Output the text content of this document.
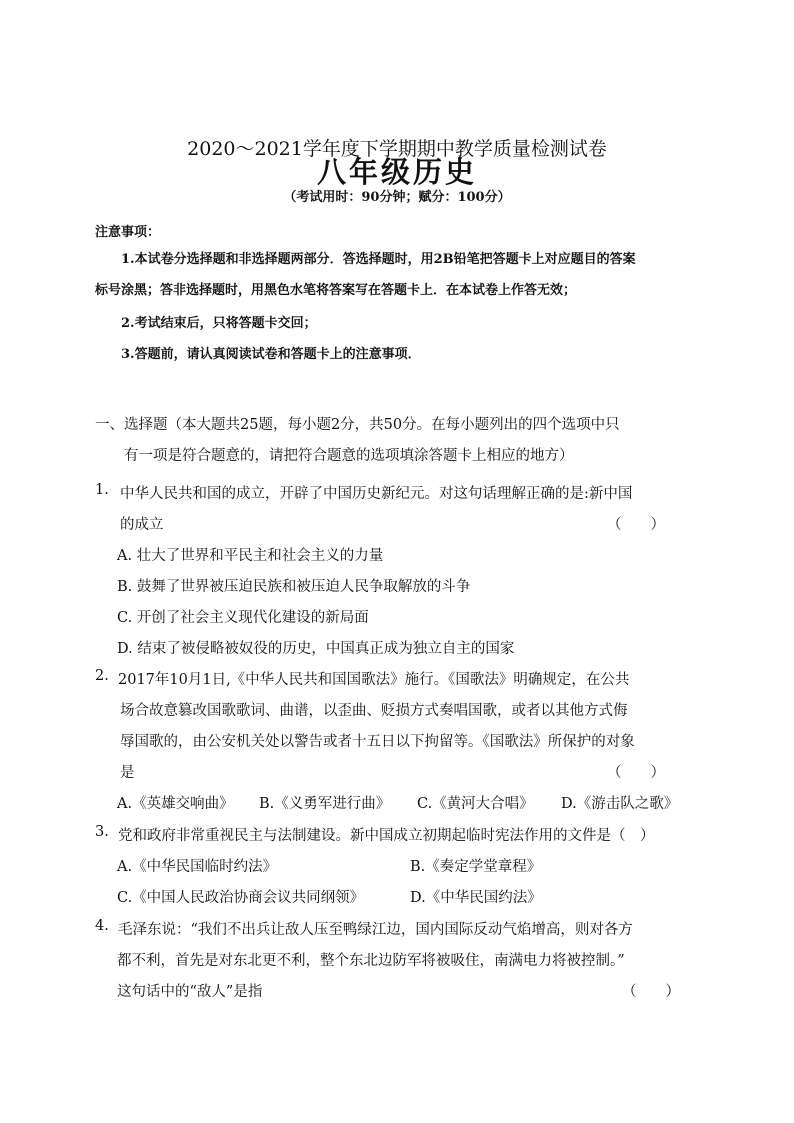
2020～2021学年度下学期期中教学质量检测试卷
八年级历史
（考试用时：90分钟；赋分：100分）
注意事项：
1.本试卷分选择题和非选择题两部分．答选择题时，用2B铅笔把答题卡上对应题目的答案
标号涂黑；答非选择题时，用黑色水笔将答案写在答题卡上．在本试卷上作答无效；
2.考试结束后，只将答题卡交回；
3.答题前，请认真阅读试卷和答题卡上的注意事项．
一、选择题（本大题共25题，每小题2分，共50分。在每小题列出的四个选项中只
有一项是符合题意的，请把符合题意的选项填涂答题卡上相应的地方）
1. 中华人民共和国的成立，开辟了中国历史新纪元。对这句话理解正确的是:新中国
的成立	（　　）
A. 壮大了世界和平民主和社会主义的力量
B. 鼓舞了世界被压迫民族和被压迫人民争取解放的斗争
C. 开创了社会主义现代化建设的新局面
D. 结束了被侵略被奴役的历史，中国真正成为独立自主的国家
2. 2017年10月1日,《中华人民共和国国歌法》施行。《国歌法》明确规定，在公共
场合故意篡改国歌歌词、曲谱，以歪曲、贬损方式奏唱国歌，或者以其他方式侮
辱国歌的，由公安机关处以警告或者十五日以下拘留等。《国歌法》所保护的对象
是	（　　）
A.《英雄交响曲》 B.《义勇军进行曲》 C.《黄河大合唱》 D.《游击队之歌》
3. 党和政府非常重视民主与法制建设。新中国成立初期起临时宪法作用的文件是（　）
A.《中华民国临时约法》	B.《奏定学堂章程》
C.《中国人民政治协商会议共同纲领》	D.《中华民国约法》
4. 毛泽东说：“我们不出兵让敌人压至鸭绿江边，国内国际反动气焰增高，则对各方
都不利，首先是对东北更不利，整个东北边防军将被吸住，南满电力将被控制。”
这句话中的“敌人”是指	（　　）
